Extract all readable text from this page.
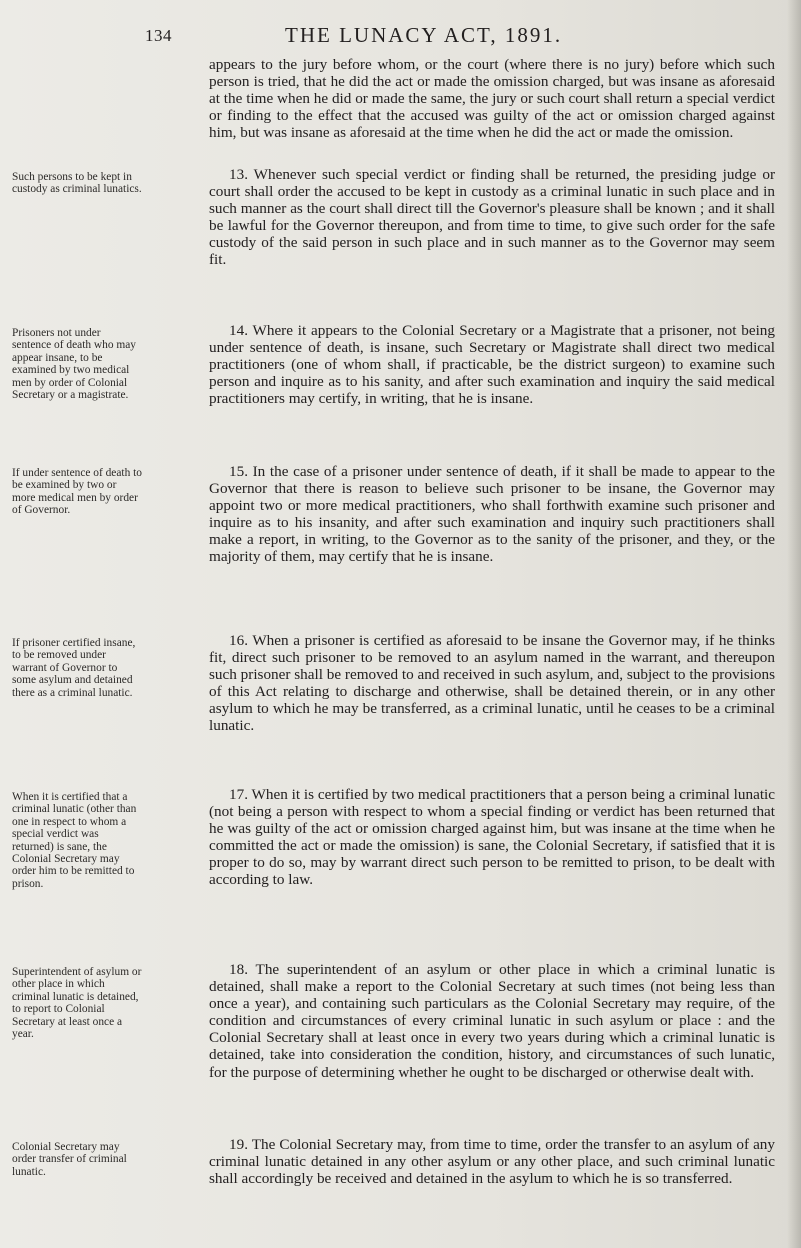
134	THE LUNACY ACT, 1891.

appears to the jury before whom, or the court (where there is no jury) before which such person is tried, that he did the act or made the omission charged, but was insane as aforesaid at the time when he did or made the same, the jury or such court shall return a special verdict or finding to the effect that the accused was guilty of the act or omission charged against him, but was insane as aforesaid at the time when he did the act or made the omission.

Such persons to be kept in custody as criminal lunatics.

13. Whenever such special verdict or finding shall be returned, the presiding judge or court shall order the accused to be kept in custody as a criminal lunatic in such place and in such manner as the court shall direct till the Governor's pleasure shall be known ; and it shall be lawful for the Governor thereupon, and from time to time, to give such order for the safe custody of the said person in such place and in such manner as to the Governor may seem fit.

Prisoners not under sentence of death who may appear insane, to be examined by two medical men by order of Colonial Secretary or a magistrate.

14. Where it appears to the Colonial Secretary or a Magistrate that a prisoner, not being under sentence of death, is insane, such Secretary or Magistrate shall direct two medical practitioners (one of whom shall, if practicable, be the district surgeon) to examine such person and inquire as to his sanity, and after such examination and inquiry the said medical practitioners may certify, in writing, that he is insane.

If under sentence of death to be examined by two or more medical men by order of Governor.

15. In the case of a prisoner under sentence of death, if it shall be made to appear to the Governor that there is reason to believe such prisoner to be insane, the Governor may appoint two or more medical practitioners, who shall forthwith examine such prisoner and inquire as to his insanity, and after such examination and inquiry such practitioners shall make a report, in writing, to the Governor as to the sanity of the prisoner, and they, or the majority of them, may certify that he is insane.

If prisoner certified insane, to be removed under warrant of Governor to some asylum and detained there as a criminal lunatic.

16. When a prisoner is certified as aforesaid to be insane the Governor may, if he thinks fit, direct such prisoner to be removed to an asylum named in the warrant, and thereupon such prisoner shall be removed to and received in such asylum, and, subject to the provisions of this Act relating to discharge and otherwise, shall be detained therein, or in any other asylum to which he may be transferred, as a criminal lunatic, until he ceases to be a criminal lunatic.

When it is certified that a criminal lunatic (other than one in respect to whom a special verdict was returned) is sane, the Colonial Secretary may order him to be remitted to prison.

17. When it is certified by two medical practitioners that a person being a criminal lunatic (not being a person with respect to whom a special finding or verdict has been returned that he was guilty of the act or omission charged against him, but was insane at the time when he committed the act or made the omission) is sane, the Colonial Secretary, if satisfied that it is proper to do so, may by warrant direct such person to be remitted to prison, to be dealt with according to law.

Superintendent of asylum or other place in which criminal lunatic is detained, to report to Colonial Secretary at least once a year.

18. The superintendent of an asylum or other place in which a criminal lunatic is detained, shall make a report to the Colonial Secretary at such times (not being less than once a year), and containing such particulars as the Colonial Secretary may require, of the condition and circumstances of every criminal lunatic in such asylum or place : and the Colonial Secretary shall at least once in every two years during which a criminal lunatic is detained, take into consideration the condition, history, and circumstances of such lunatic, for the purpose of determining whether he ought to be discharged or otherwise dealt with.

Colonial Secretary may order transfer of criminal lunatic.

19. The Colonial Secretary may, from time to time, order the transfer to an asylum of any criminal lunatic detained in any other asylum or any other place, and such criminal lunatic shall accordingly be received and detained in the asylum to which he is so transferred.
